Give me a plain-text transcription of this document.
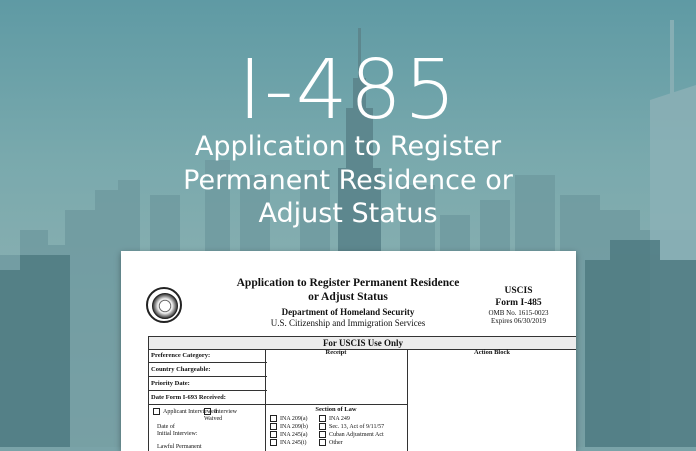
I-485
Application to Register
Permanent Residence or
Adjust Status
Application to Register Permanent Residence
or Adjust Status
Department of Homeland Security
U.S. Citizenship and Immigration Services
USCIS
Form I-485
OMB No. 1615-0023
Expires 06/30/2019
For USCIS Use Only
Preference Category:
Country Chargeable:
Priority Date:
Date Form I-693 Received:
Applicant Interviewed
Interview Waived
Date of
Initial Interview:
Lawful Permanent
Receipt	Action Block
Section of Law
INA 209(a)
INA 209(b)
INA 245(a)
INA 245(i)
INA 249
Sec. 13, Act of 9/11/57
Cuban Adjustment Act
Other
